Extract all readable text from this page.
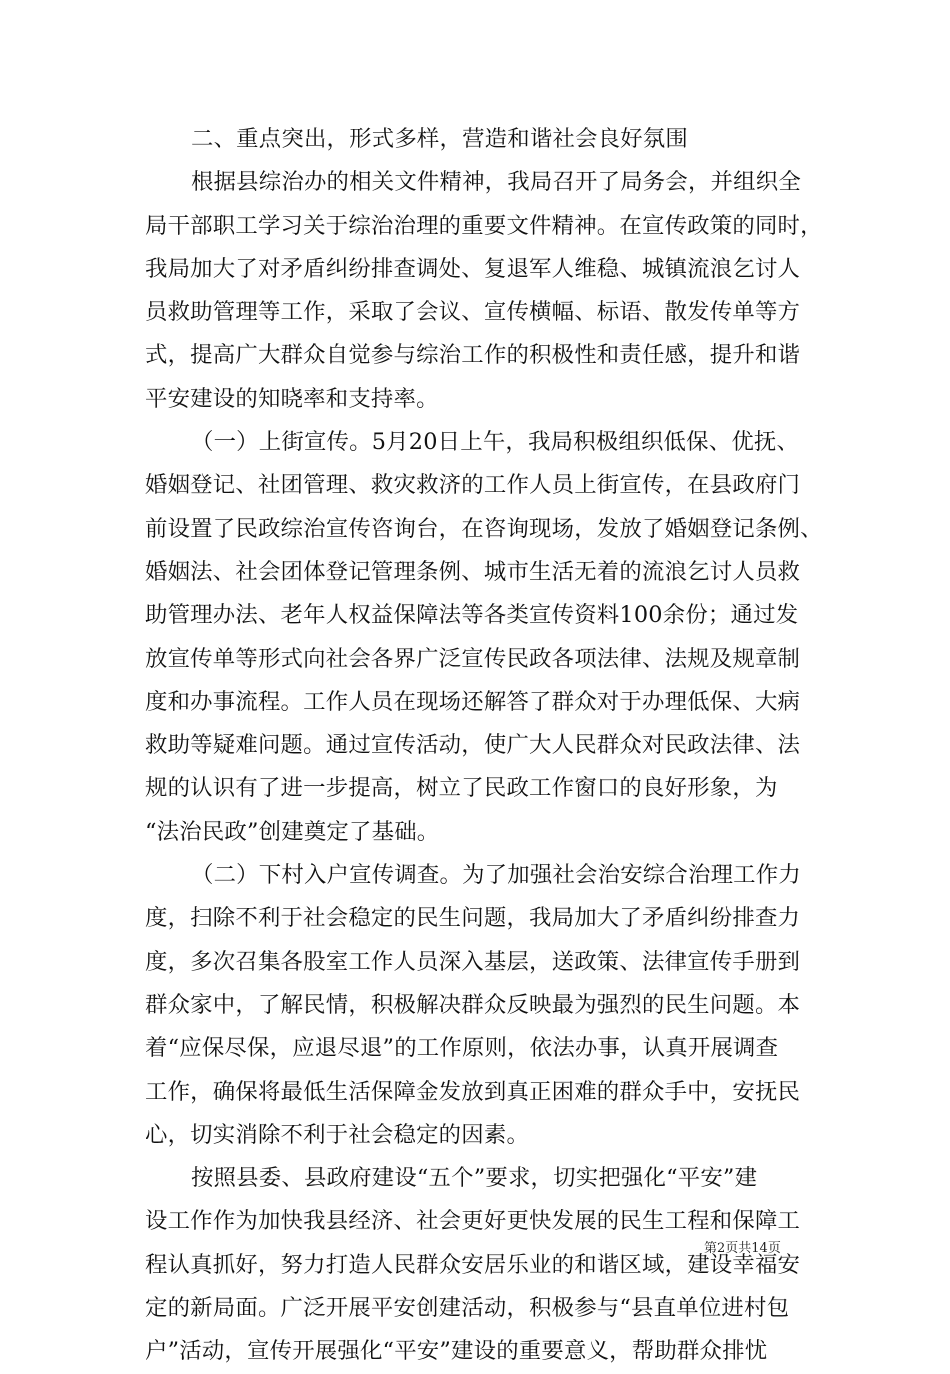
二、重点突出，形式多样，营造和谐社会良好氛围
根据县综治办的相关文件精神，我局召开了局务会，并组织全
局干部职工学习关于综治治理的重要文件精神。在宣传政策的同时，
我局加大了对矛盾纠纷排查调处、复退军人维稳、城镇流浪乞讨人
员救助管理等工作，采取了会议、宣传横幅、标语、散发传单等方
式，提高广大群众自觉参与综治工作的积极性和责任感，提升和谐
平安建设的知晓率和支持率。
（一）上街宣传。5月20日上午，我局积极组织低保、优抚、
婚姻登记、社团管理、救灾救济的工作人员上街宣传，在县政府门
前设置了民政综治宣传咨询台，在咨询现场，发放了婚姻登记条例、
婚姻法、社会团体登记管理条例、城市生活无着的流浪乞讨人员救
助管理办法、老年人权益保障法等各类宣传资料100余份；通过发
放宣传单等形式向社会各界广泛宣传民政各项法律、法规及规章制
度和办事流程。工作人员在现场还解答了群众对于办理低保、大病
救助等疑难问题。通过宣传活动，使广大人民群众对民政法律、法
规的认识有了进一步提高，树立了民政工作窗口的良好形象，为
“法治民政”创建奠定了基础。
（二）下村入户宣传调查。为了加强社会治安综合治理工作力
度，扫除不利于社会稳定的民生问题，我局加大了矛盾纠纷排查力
度，多次召集各股室工作人员深入基层，送政策、法律宣传手册到
群众家中，了解民情，积极解决群众反映最为强烈的民生问题。本
着“应保尽保，应退尽退”的工作原则，依法办事，认真开展调查
工作，确保将最低生活保障金发放到真正困难的群众手中，安抚民
心，切实消除不利于社会稳定的因素。
按照县委、县政府建设“五个”要求，切实把强化“平安”建
设工作作为加快我县经济、社会更好更快发展的民生工程和保障工
程认真抓好，努力打造人民群众安居乐业的和谐区域，建设幸福安
定的新局面。广泛开展平安创建活动，积极参与“县直单位进村包
户”活动，宣传开展强化“平安”建设的重要意义，帮助群众排忧
第2页共14页
